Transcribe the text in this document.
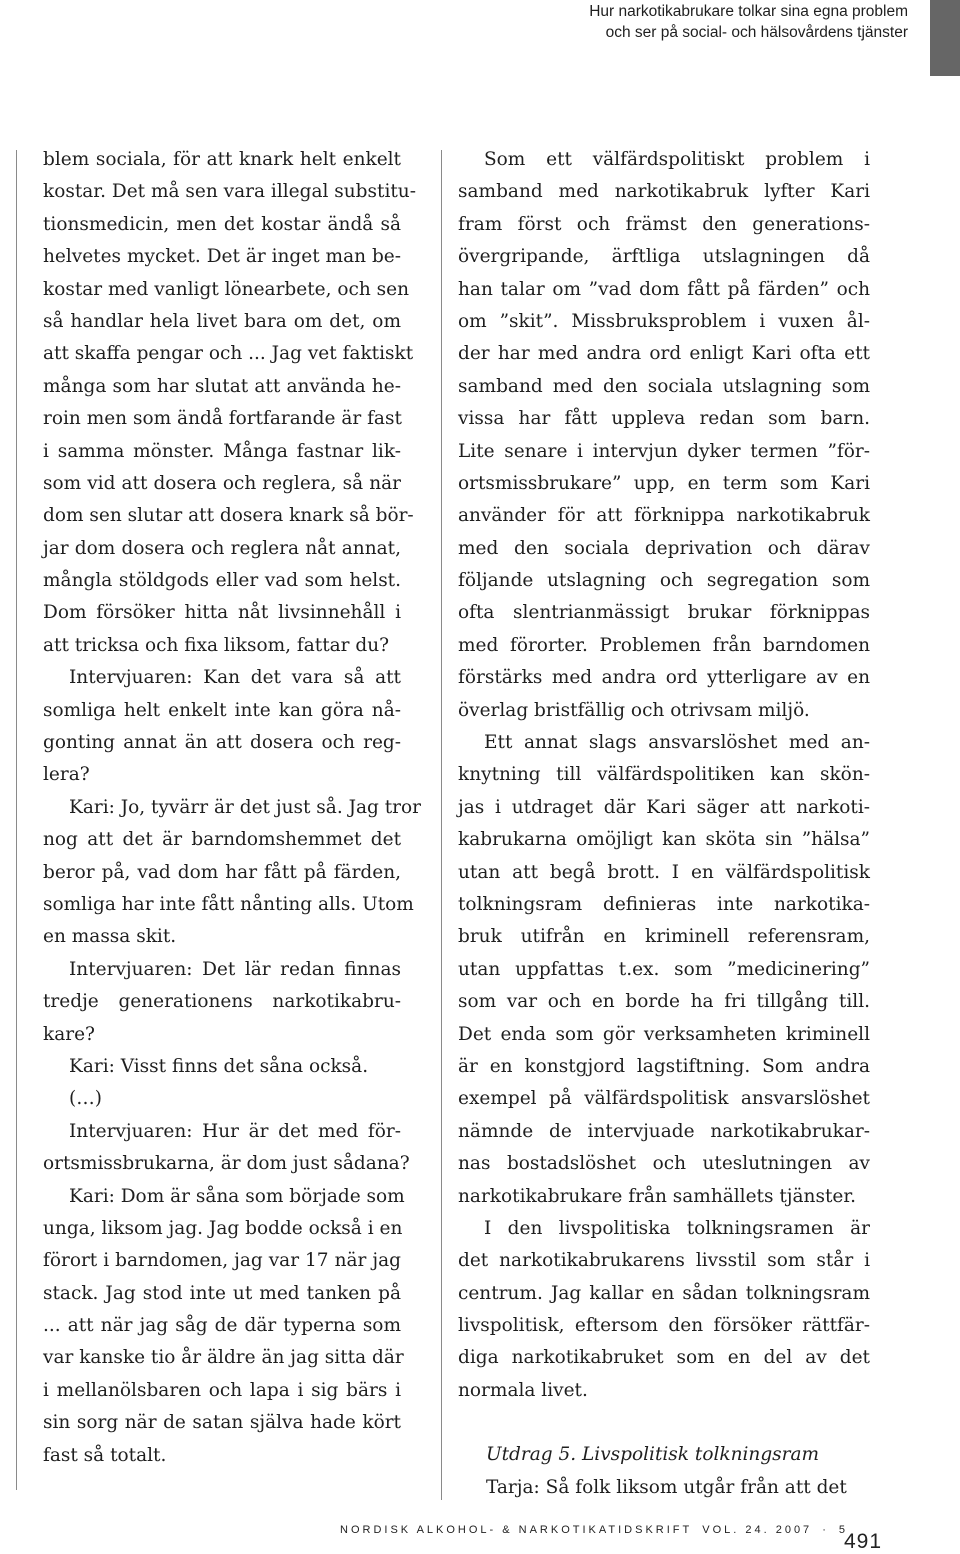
Hur narkotikabrukare tolkar sina egna problem
och ser på social- och hälsovårdens tjänster
blem sociala, för att knark helt enkelt
kostar. Det må sen vara illegal substitu-
tionsmedicin, men det kostar ändå så
helvetes mycket. Det är inget man be-
kostar med vanligt lönearbete, och sen
så handlar hela livet bara om det, om
att skaffa pengar och ... Jag vet faktiskt
många som har slutat att använda he-
roin men som ändå fortfarande är fast
i samma mönster. Många fastnar lik-
som vid att dosera och reglera, så när
dom sen slutar att dosera knark så bör-
jar dom dosera och reglera nåt annat,
mångla stöldgods eller vad som helst.
Dom försöker hitta nåt livsinnehåll i
att tricksa och fixa liksom, fattar du?
Intervjuaren: Kan det vara så att
somliga helt enkelt inte kan göra nå-
gonting annat än att dosera och reg-
lera?
Kari: Jo, tyvärr är det just så. Jag tror
nog att det är barndomshemmet det
beror på, vad dom har fått på färden,
somliga har inte fått nånting alls. Utom
en massa skit.
Intervjuaren: Det lär redan finnas
tredje generationens narkotikabru-
kare?
Kari: Visst finns det såna också.
(…)
Intervjuaren: Hur är det med för-
ortsmissbrukarna, är dom just sådana?
Kari: Dom är såna som började som
unga, liksom jag. Jag bodde också i en
förort i barndomen, jag var 17 när jag
stack. Jag stod inte ut med tanken på
... att när jag såg de där typerna som
var kanske tio år äldre än jag sitta där
i mellanölsbaren och lapa i sig bärs i
sin sorg när de satan själva hade kört
fast så totalt.
Som ett välfärdspolitiskt problem i
samband med narkotikabruk lyfter Kari
fram först och främst den generations-
övergripande, ärftliga utslagningen då
han talar om ”vad dom fått på färden” och
om ”skit”. Missbruksproblem i vuxen ål-
der har med andra ord enligt Kari ofta ett
samband med den sociala utslagning som
vissa har fått uppleva redan som barn.
Lite senare i intervjun dyker termen ”för-
ortsmissbrukare” upp, en term som Kari
använder för att förknippa narkotikabruk
med den sociala deprivation och därav
följande utslagning och segregation som
ofta slentrianmässigt brukar förknippas
med förorter. Problemen från barndomen
förstärks med andra ord ytterligare av en
överlag bristfällig och otrivsam miljö.
Ett annat slags ansvarslöshet med an-
knytning till välfärdspolitiken kan skön-
jas i utdraget där Kari säger att narkoti-
kabrukarna omöjligt kan sköta sin ”hälsa”
utan att begå brott. I en välfärdspolitisk
tolkningsram definieras inte narkotika-
bruk utifrån en kriminell referensram,
utan uppfattas t.ex. som ”medicinering”
som var och en borde ha fri tillgång till.
Det enda som gör verksamheten kriminell
är en konstgjord lagstiftning. Som andra
exempel på välfärdspolitisk ansvarslöshet
nämnde de intervjuade narkotikabrukar-
nas bostadslöshet och uteslutningen av
narkotikabrukare från samhällets tjänster.
I den livspolitiska tolkningsramen är
det narkotikabrukarens livsstil som står i
centrum. Jag kallar en sådan tolkningsram
livspolitisk, eftersom den försöker rättfär-
diga narkotikabruket som en del av det
normala livet.
Utdrag 5. Livspolitisk tolkningsram
Tarja: Så folk liksom utgår från att det
NORDISK ALKOHOL- & NARKOTIKATIDSKRIFT VOL. 24. 2007 · 5
491
